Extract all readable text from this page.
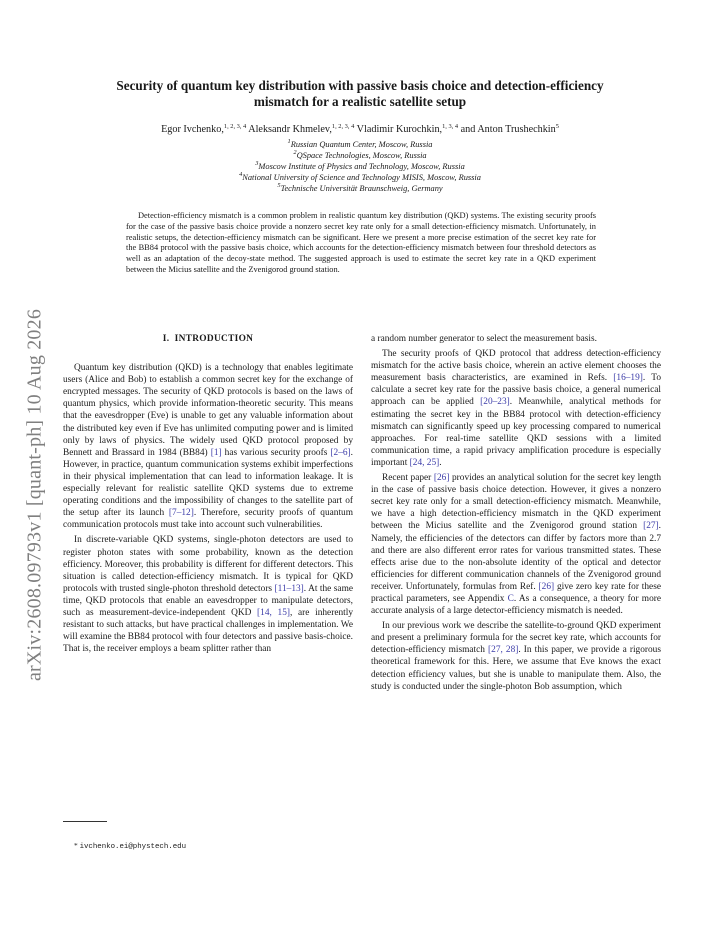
arXiv:2608.09793v1 [quant-ph] 10 Aug 2026
Security of quantum key distribution with passive basis choice and detection-efficiency
mismatch for a realistic satellite setup
Egor Ivchenko,$^{1, 2, 3, 4}$ Aleksandr Khmelev,$^{1, 2, 3, 4}$ Vladimir Kurochkin,$^{1, 3, 4}$ and Anton Trushechkin$^5$
$^1$Russian Quantum Center, Moscow, Russia
$^2$QSpace Technologies, Moscow, Russia
$^3$Moscow Institute of Physics and Technology, Moscow, Russia
$^4$National University of Science and Technology MISIS, Moscow, Russia
$^5$Technische Universität Braunschweig, Germany
Detection-efficiency mismatch is a common problem in realistic quantum key distribution (QKD) systems. The existing security proofs for the case of the passive basis choice provide a nonzero secret key rate only for a small detection-efficiency mismatch. Unfortunately, in realistic setups, the detection-efficiency mismatch can be significant. Here we present a more precise estimation of the secret key rate for the BB84 protocol with the passive basis choice, which accounts for the detection-efficiency mismatch between four threshold detectors as well as an adaptation of the decoy-state method. The suggested approach is used to estimate the secret key rate in a QKD experiment between the Micius satellite and the Zvenigorod ground station.
I. INTRODUCTION

Quantum key distribution (QKD) is a technology that enables legitimate users (Alice and Bob) to establish a common secret key for the exchange of encrypted messages. The security of QKD protocols is based on the laws of quantum physics, which provide information-theoretic security. This means that the eavesdropper (Eve) is unable to get any valuable information about the distributed key even if Eve has unlimited computing power and is limited only by laws of physics. The widely used QKD protocol proposed by Bennett and Brassard in 1984 (BB84) [1] has various security proofs [2–6]. However, in practice, quantum communication systems exhibit imperfections in their physical implementation that can lead to information leakage. It is especially relevant for realistic satellite QKD systems due to extreme operating conditions and the impossibility of changes to the satellite part of the setup after its launch [7–12]. Therefore, security proofs of quantum communication protocols must take into account such vulnerabilities.

In discrete-variable QKD systems, single-photon detectors are used to register photon states with some probability, known as the detection efficiency. Moreover, this probability is different for different detectors. This situation is called detection-efficiency mismatch. It is typical for QKD protocols with trusted single-photon threshold detectors [11–13]. At the same time, QKD protocols that enable an eavesdropper to manipulate detectors, such as measurement-device-independent QKD [14, 15], are inherently resistant to such attacks, but have practical challenges in implementation. We will examine the BB84 protocol with four detectors and passive basis-choice. That is, the receiver employs a beam splitter rather than

a random number generator to select the measurement basis.

The security proofs of QKD protocol that address detection-efficiency mismatch for the active basis choice, wherein an active element chooses the measurement basis characteristics, are examined in Refs. [16–19]. To calculate a secret key rate for the passive basis choice, a general numerical approach can be applied [20–23]. Meanwhile, analytical methods for estimating the secret key in the BB84 protocol with detection-efficiency mismatch can significantly speed up key processing compared to numerical approaches. For real-time satellite QKD sessions with a limited communication time, a rapid privacy amplification procedure is especially important [24, 25].

Recent paper [26] provides an analytical solution for the secret key length in the case of passive basis choice detection. However, it gives a nonzero secret key rate only for a small detection-efficiency mismatch. Meanwhile, we have a high detection-efficiency mismatch in the QKD experiment between the Micius satellite and the Zvenigorod ground station [27]. Namely, the efficiencies of the detectors can differ by factors more than 2.7 and there are also different error rates for various transmitted states. These effects arise due to the non-absolute identity of the optical and detector efficiencies for different communication channels of the Zvenigorod ground receiver. Unfortunately, formulas from Ref. [26] give zero key rate for these practical parameters, see Appendix C. As a consequence, a theory for more accurate analysis of a large detector-efficiency mismatch is needed.

In our previous work we describe the satellite-to-ground QKD experiment and present a preliminary formula for the secret key rate, which accounts for detection-efficiency mismatch [27, 28]. In this paper, we provide a rigorous theoretical framework for this. Here, we assume that Eve knows the exact detection efficiency values, but she is unable to manipulate them. Also, the study is conducted under the single-photon Bob assumption, which

* ivchenko.ei@phystech.edu
